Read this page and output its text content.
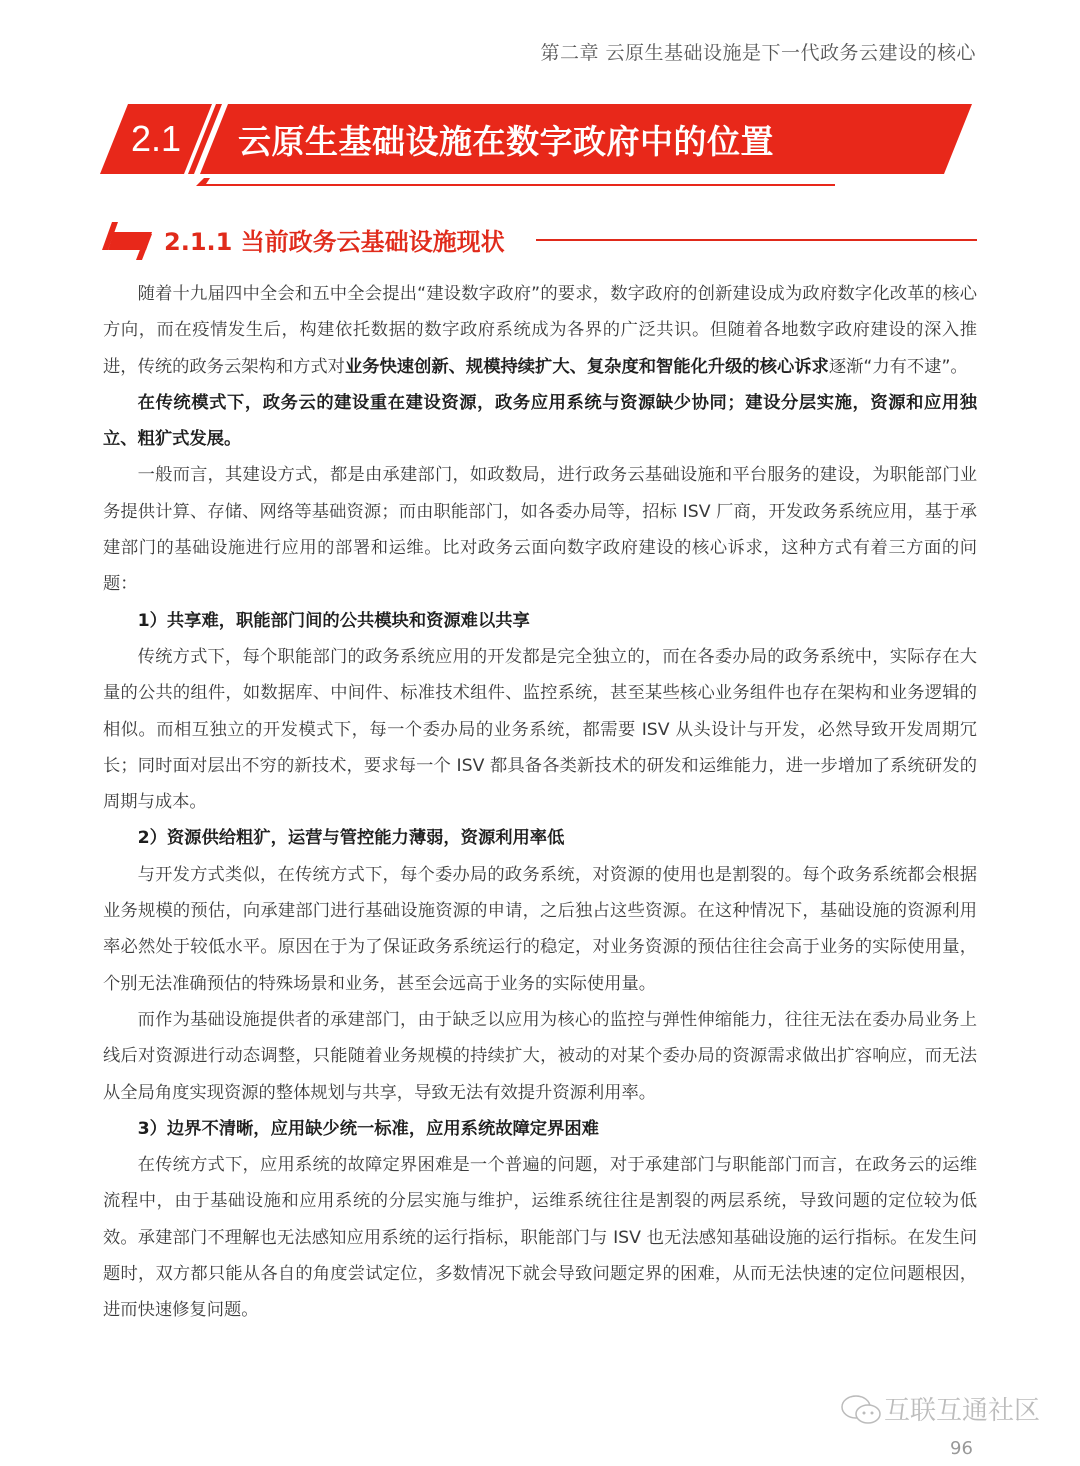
第二章 云原生基础设施是下一代政务云建设的核心
2.1 云原生基础设施在数字政府中的位置
2.1.1 当前政务云基础设施现状

随着十九届四中全会和五中全会提出“建设数字政府”的要求，数字政府的创新建设成为政府数字化改革的核心方向，而在疫情发生后，构建依托数据的数字政府系统成为各界的广泛共识。但随着各地数字政府建设的深入推进，传统的政务云架构和方式对业务快速创新、规模持续扩大、复杂度和智能化升级的核心诉求逐渐“力有不逮”。

在传统模式下，政务云的建设重在建设资源，政务应用系统与资源缺少协同；建设分层实施，资源和应用独立、粗犷式发展。

一般而言，其建设方式，都是由承建部门，如政数局，进行政务云基础设施和平台服务的建设，为职能部门业务提供计算、存储、网络等基础资源；而由职能部门，如各委办局等，招标 ISV 厂商，开发政务系统应用，基于承建部门的基础设施进行应用的部署和运维。比对政务云面向数字政府建设的核心诉求，这种方式有着三方面的问题：

1）共享难，职能部门间的公共模块和资源难以共享

传统方式下，每个职能部门的政务系统应用的开发都是完全独立的，而在各委办局的政务系统中，实际存在大量的公共的组件，如数据库、中间件、标准技术组件、监控系统，甚至某些核心业务组件也存在架构和业务逻辑的相似。而相互独立的开发模式下，每一个委办局的业务系统，都需要 ISV 从头设计与开发，必然导致开发周期冗长；同时面对层出不穷的新技术，要求每一个 ISV 都具备各类新技术的研发和运维能力，进一步增加了系统研发的周期与成本。

2）资源供给粗犷，运营与管控能力薄弱，资源利用率低

与开发方式类似，在传统方式下，每个委办局的政务系统，对资源的使用也是割裂的。每个政务系统都会根据业务规模的预估，向承建部门进行基础设施资源的申请，之后独占这些资源。在这种情况下，基础设施的资源利用率必然处于较低水平。原因在于为了保证政务系统运行的稳定，对业务资源的预估往往会高于业务的实际使用量，个别无法准确预估的特殊场景和业务，甚至会远高于业务的实际使用量。

而作为基础设施提供者的承建部门，由于缺乏以应用为核心的监控与弹性伸缩能力，往往无法在委办局业务上线后对资源进行动态调整，只能随着业务规模的持续扩大，被动的对某个委办局的资源需求做出扩容响应，而无法从全局角度实现资源的整体规划与共享，导致无法有效提升资源利用率。

3）边界不清晰，应用缺少统一标准，应用系统故障定界困难

在传统方式下，应用系统的故障定界困难是一个普遍的问题，对于承建部门与职能部门而言，在政务云的运维流程中，由于基础设施和应用系统的分层实施与维护，运维系统往往是割裂的两层系统，导致问题的定位较为低效。承建部门不理解也无法感知应用系统的运行指标，职能部门与 ISV 也无法感知基础设施的运行指标。在发生问题时，双方都只能从各自的角度尝试定位，多数情况下就会导致问题定界的困难，从而无法快速的定位问题根因，进而快速修复问题。

互联互通社区
96
